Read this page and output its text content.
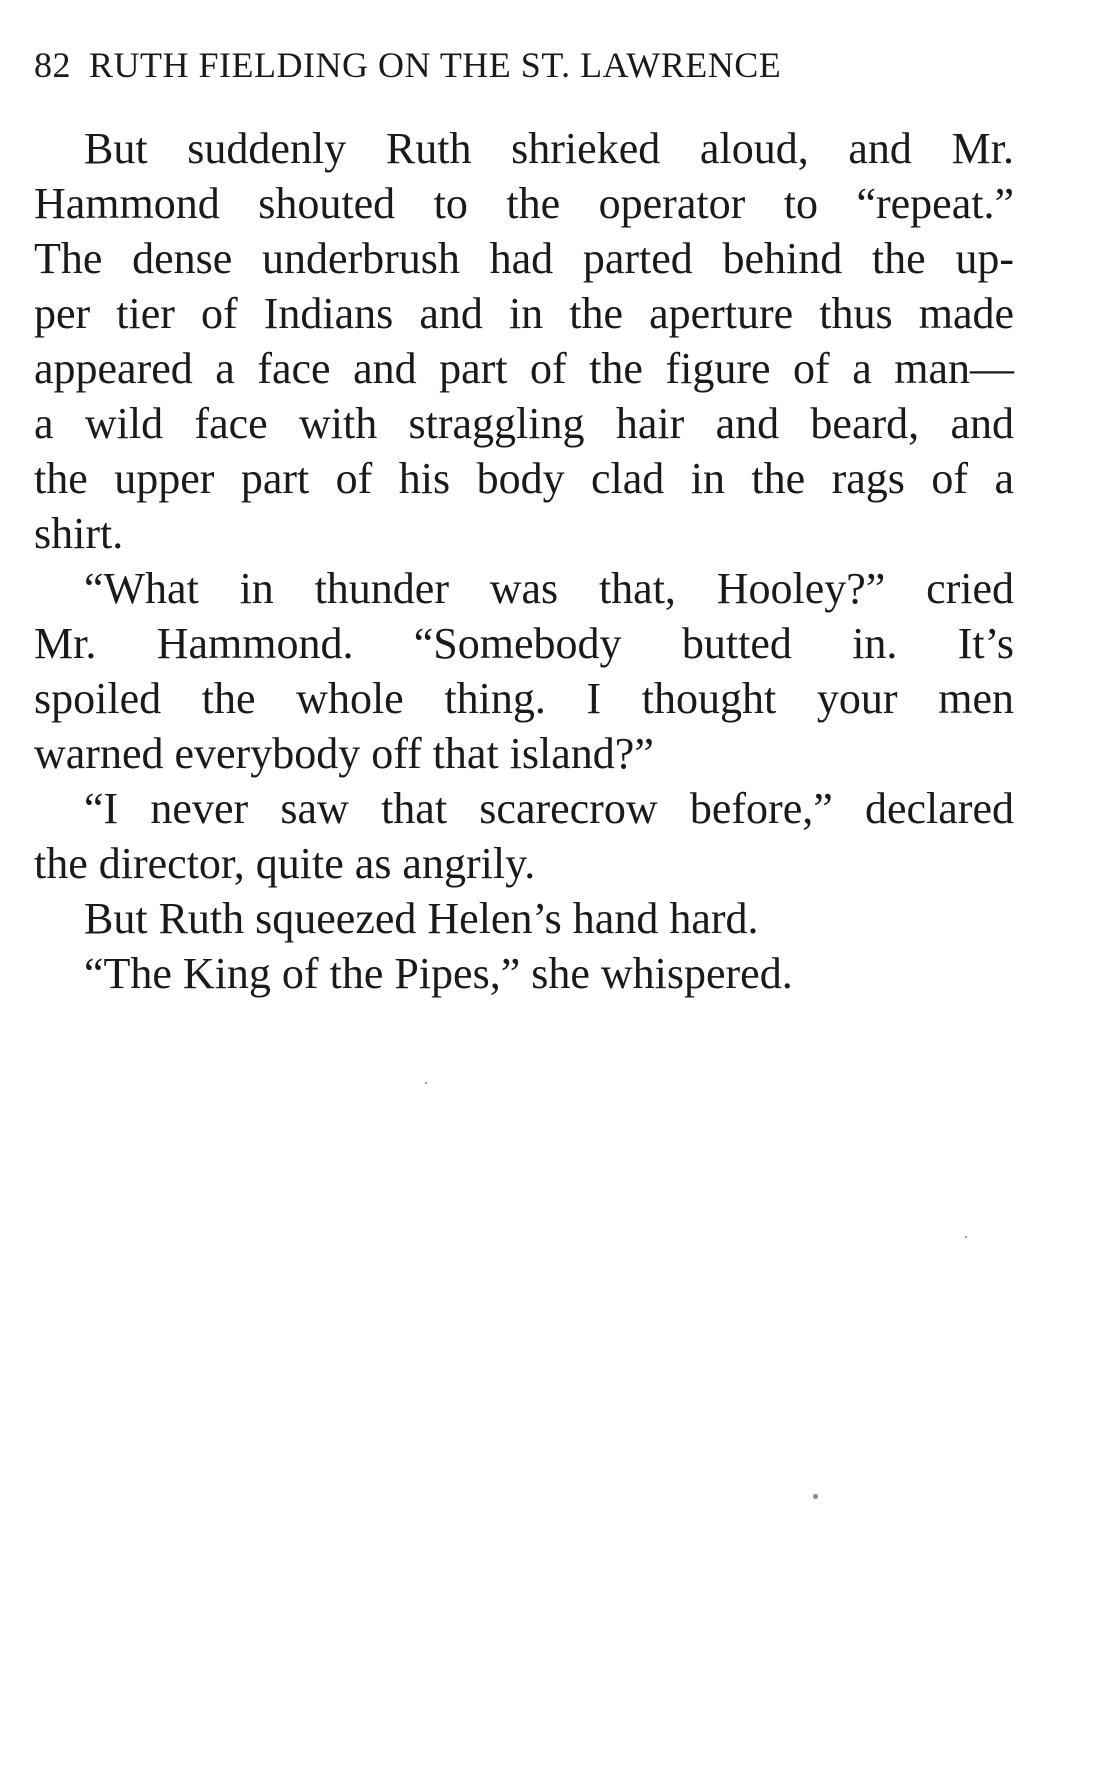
82 RUTH FIELDING ON THE ST. LAWRENCE
But suddenly Ruth shrieked aloud, and Mr.
Hammond shouted to the operator to “repeat.”
The dense underbrush had parted behind the up-
per tier of Indians and in the aperture thus made
appeared a face and part of the figure of a man—
a wild face with straggling hair and beard, and
the upper part of his body clad in the rags of a
shirt.
“What in thunder was that, Hooley?” cried
Mr. Hammond. “Somebody butted in. It’s
spoiled the whole thing. I thought your men
warned everybody off that island?”
“I never saw that scarecrow before,” declared
the director, quite as angrily.
But Ruth squeezed Helen’s hand hard.
“The King of the Pipes,” she whispered.
